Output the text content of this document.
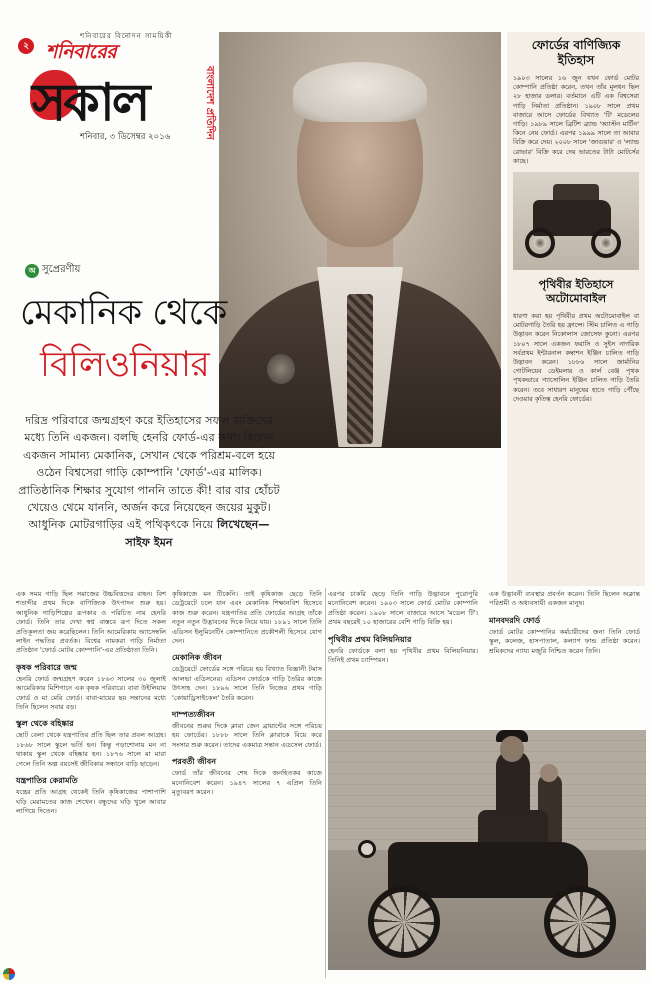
২
শনিবারের বিনোদন সাময়িকী
শনিবারের
সকাল	বাংলাদেশ প্রতিদিন
শনিবার, ৩ ডিসেম্বর ২০১৬
অ সুপ্রেরণীয়
মেকানিক থেকে
বিলিওনিয়ার
দরিদ্র পরিবারে জন্মগ্রহণ করে ইতিহাসের সফল ব্যক্তিদের মধ্যে তিনি একজন। বলছি হেনরি ফোর্ড-এর কথা। ছিলেন একজন সামান্য মেকানিক, সেখান থেকে পরিশ্রম-বলে হয়ে ওঠেন বিশ্বসেরা গাড়ি কোম্পানি 'ফোর্ড'-এর মালিক। প্রাতিষ্ঠানিক শিক্ষার সুযোগ পাননি তাতে কী! বার বার হোঁচট খেয়েও থেমে যাননি, অর্জন করে নিয়েছেন জয়ের মুকুট। আধুনিক মোটরগাড়ির এই পথিকৃৎকে নিয়ে লিখেছেন— সাইফ ইমন
ফোর্ডের বাণিজ্যিক ইতিহাস
১৯০৩ সালের ১৬ জুন যখন ফোর্ড মোটর কোম্পানি প্রতিষ্ঠা করেন, তখন তাঁর মূলধন ছিল ২৮ হাজার ডলার। বর্তমানে এটি এক বিশ্বসেরা গাড়ি নির্মাতা প্রতিষ্ঠান। ১৯০৮ সালে প্রথম বাজারে আসে ফোর্ডের বিখ্যাত 'টি' মডেলের গাড়ি। ১৯৮৯ সালে ব্রিটিশ ব্র্যান্ড 'অ্যাস্টন মার্টিন' কিনে নেয় ফোর্ড। এরপর ১৯৯৯ সালে তা আবার বিক্রি করে দেয়। ২০০৮ সালে 'জাগুয়ার' ও 'ল্যান্ড রোভার' বিক্রি করে দেয় ভারতের টাটা মোটর্সের কাছে।
পৃথিবীর ইতিহাসে অটোমোবাইল
ধারণা করা হয় পৃথিবীর প্রথম অটোমোবাইল বা মোটরগাড়ি তৈরি হয় ফ্রান্সে। স্টিম চালিত এ গাড়ি উদ্ভাবন করেন নিকোলাস জোসেফ কুনো। এরপর ১৮০৭ সালে একজন ফরাসি ও সুইস নাগরিক সর্বপ্রথম ইন্টারনাল কম্বাশন ইঞ্জিন চালিত গাড়ি উদ্ভাবন করেন। ১৮৮৬ সালে জার্মানির গোটলিয়েব ডেইমলার ও কার্ল বেঞ্জ পৃথক পৃথকভাবে গ্যাসোলিন ইঞ্জিন চালিত গাড়ি তৈরি করেন। তবে সাধারণ মানুষের হাতে গাড়ি পৌঁছে দেওয়ার কৃতিত্ব হেনরি ফোর্ডের।
এক সময় গাড়ি ছিল সমাজের উচ্চবিত্তদের বাহন। বিশ শতাব্দীর প্রথম দিকে বাণিজ্যিক উৎপাদন শুরু হয়। আধুনিক গাড়িশিল্পের রূপকার ও পরিচিত নাম হেনরি ফোর্ড। তিনি তার দেখা স্বপ্ন বাস্তবে রূপ দিতে সকল প্রতিকূলতা জয় করেছিলেন। তিনি আমেরিকায় অ্যাসেম্বলি লাইন পদ্ধতির প্রবর্তক। বিশ্বের নামকরা গাড়ি নির্মাতা প্রতিষ্ঠান 'ফোর্ড মোটর কোম্পানি'-এর প্রতিষ্ঠাতা তিনি।
কৃষক পরিবারে জন্ম
হেনরি ফোর্ড জন্মগ্রহণ করেন ১৮৬৩ সালের ৩০ জুলাই আমেরিকার মিশিগানে এক কৃষক পরিবারে। বাবা উইলিয়াম ফোর্ড ও মা মেরি ফোর্ড। বাবা-মায়ের ছয় সন্তানের মধ্যে তিনি ছিলেন সবার বড়।
স্কুল থেকে বহিষ্কার
ছোট বেলা থেকে যন্ত্রপাতির প্রতি ছিল তার প্রবল আগ্রহ। ১৮৬৮ সালে স্কুলে ভর্তি হন। কিন্তু পড়াশোনায় মন না থাকায় স্কুল থেকে বহিষ্কার হন। ১৮৭৬ সালে মা মারা গেলে তিনি অল্প বয়সেই জীবিকার সন্ধানে বাড়ি ছাড়েন।
যন্ত্রপাতির কেরামতি
যন্ত্রের প্রতি আগ্রহ থেকেই তিনি কৃষিকাজের পাশাপাশি ঘড়ি মেরামতের কাজ শেখেন। বন্ধুদের ঘড়ি খুলে আবার লাগিয়ে দিতেন।
কৃষিকাজে মন টিকেনি। তাই কৃষিকাজ ছেড়ে তিনি ডেট্রয়েটে চলে যান এবং মেকানিক শিক্ষানবিশ হিসেবে কাজ শুরু করেন। যন্ত্রপাতির প্রতি ফোর্ডের আগ্রহ তাঁকে নতুন নতুন উদ্ভাবনের দিকে নিয়ে যায়। ১৮৯১ সালে তিনি এডিসন ইলুমিনেটিং কোম্পানিতে প্রকৌশলী হিসেবে যোগ দেন।
মেকানিক জীবন
ডেট্রয়েটে ফোর্ডের সঙ্গে পরিচয় হয় বিখ্যাত বিজ্ঞানী টমাস আলভা এডিসনের। এডিসন ফোর্ডকে গাড়ি তৈরির কাজে উৎসাহ দেন। ১৮৯৬ সালে তিনি নিজের প্রথম গাড়ি 'কোয়াড্রিসাইকেল' তৈরি করেন।
দাম্পত্যজীবন
জীবনের শুরুর দিকে ক্লারা জেন ব্রায়ান্টের সঙ্গে পরিচয় হয় ফোর্ডের। ১৮৮৮ সালে তিনি ক্লারাকে বিয়ে করে সংসার শুরু করেন। তাদের একমাত্র সন্তান এডসেল ফোর্ড।
পরবর্তী জীবন
ফোর্ড তাঁর জীবনের শেষ দিকে জনহিতকর কাজে মনোনিবেশ করেন। ১৯৪৭ সালের ৭ এপ্রিল তিনি মৃত্যুবরণ করেন।
এরপর চাকরি ছেড়ে তিনি গাড়ি উদ্ভাবনে পুরোপুরি মনোনিবেশ করেন। ১৯০৩ সালে ফোর্ড মোটর কোম্পানি প্রতিষ্ঠা করেন। ১৯০৮ সালে বাজারে আসে 'মডেল টি'। প্রথম বছরেই ১০ হাজারের বেশি গাড়ি বিক্রি হয়।
পৃথিবীর প্রথম বিলিয়নিয়ার
হেনরি ফোর্ডকে বলা হয় পৃথিবীর প্রথম বিলিয়নিয়ার। তিনিই প্রথম চ্যাম্পিয়ন।
এক উদ্ভাবনী ব্যবস্থার প্রবর্তন করেন। তিনি ছিলেন অক্লান্ত পরিশ্রমী ও অধ্যবসায়ী একজন মানুষ।
মানবদরদি ফোর্ড
ফোর্ড মোটর কোম্পানির কর্মচারীদের জন্য তিনি ফোর্ড স্কুল, কলেজ, হাসপাতাল, কল্যাণ ফান্ড প্রতিষ্ঠা করেন। শ্রমিকদের ন্যায্য মজুরি নিশ্চিত করেন তিনি।
